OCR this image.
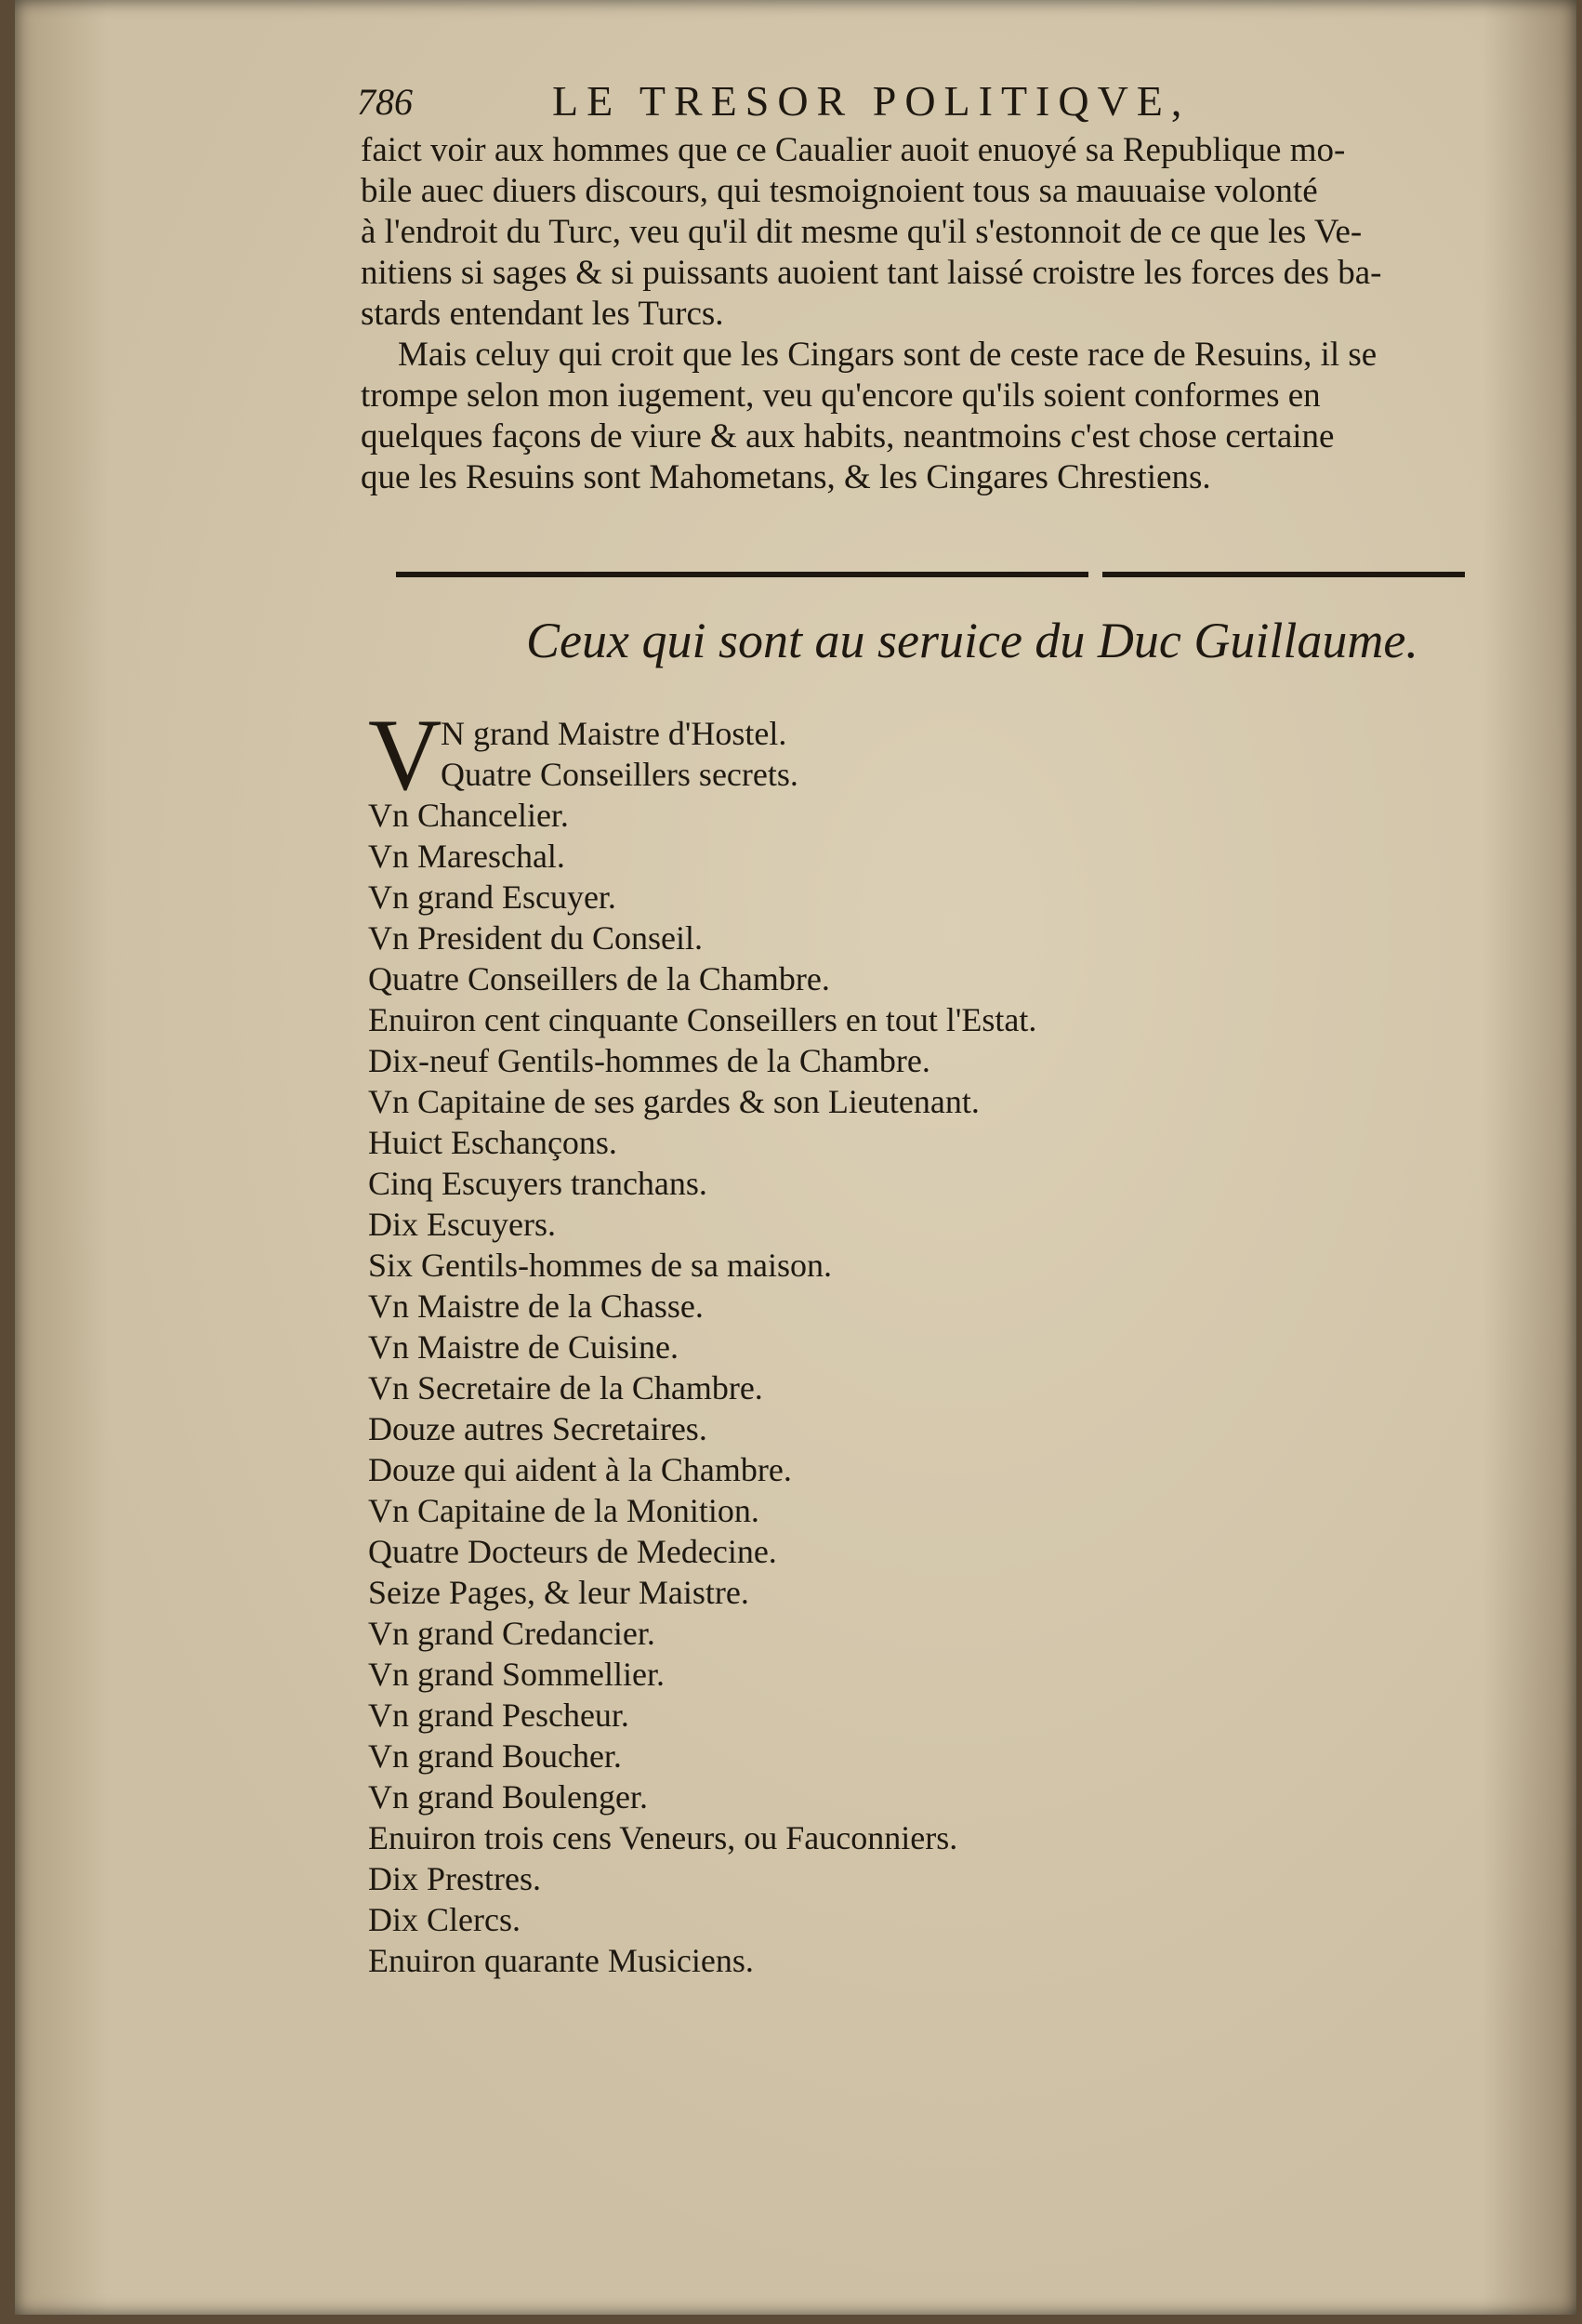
786	LE TRESOR POLITIQVE,

faict voir aux hommes que ce Caualier auoit enuoyé sa Republique mo-
bile auec diuers discours, qui tesmoignoient tous sa mauuaise volonté
à l'endroit du Turc, veu qu'il dit mesme qu'il s'estonnoit de ce que les Ve-
nitiens si sages & si puissants auoient tant laissé croistre les forces des ba-
stards entendant les Turcs.

Mais celuy qui croit que les Cingars sont de ceste race de Resuins, il se
trompe selon mon iugement, veu qu'encore qu'ils soient conformes en
quelques façons de viure & aux habits, neantmoins c'est chose certaine
que les Resuins sont Mahometans, & les Cingares Chrestiens.

Ceux qui sont au seruice du Duc Guillaume.
V
N grand Maistre d'Hostel.
Quatre Conseillers secrets.
Vn Chancelier.
Vn Mareschal.
Vn grand Escuyer.
Vn President du Conseil.
Quatre Conseillers de la Chambre.
Enuiron cent cinquante Conseillers en tout l'Estat.
Dix-neuf Gentils-hommes de la Chambre.
Vn Capitaine de ses gardes & son Lieutenant.
Huict Eschançons.
Cinq Escuyers tranchans.
Dix Escuyers.
Six Gentils-hommes de sa maison.
Vn Maistre de la Chasse.
Vn Maistre de Cuisine.
Vn Secretaire de la Chambre.
Douze autres Secretaires.
Douze qui aident à la Chambre.
Vn Capitaine de la Monition.
Quatre Docteurs de Medecine.
Seize Pages, & leur Maistre.
Vn grand Credancier.
Vn grand Sommellier.
Vn grand Pescheur.
Vn grand Boucher.
Vn grand Boulenger.
Enuiron trois cens Veneurs, ou Fauconniers.
Dix Prestres.
Dix Clercs.
Enuiron quarante Musiciens.
